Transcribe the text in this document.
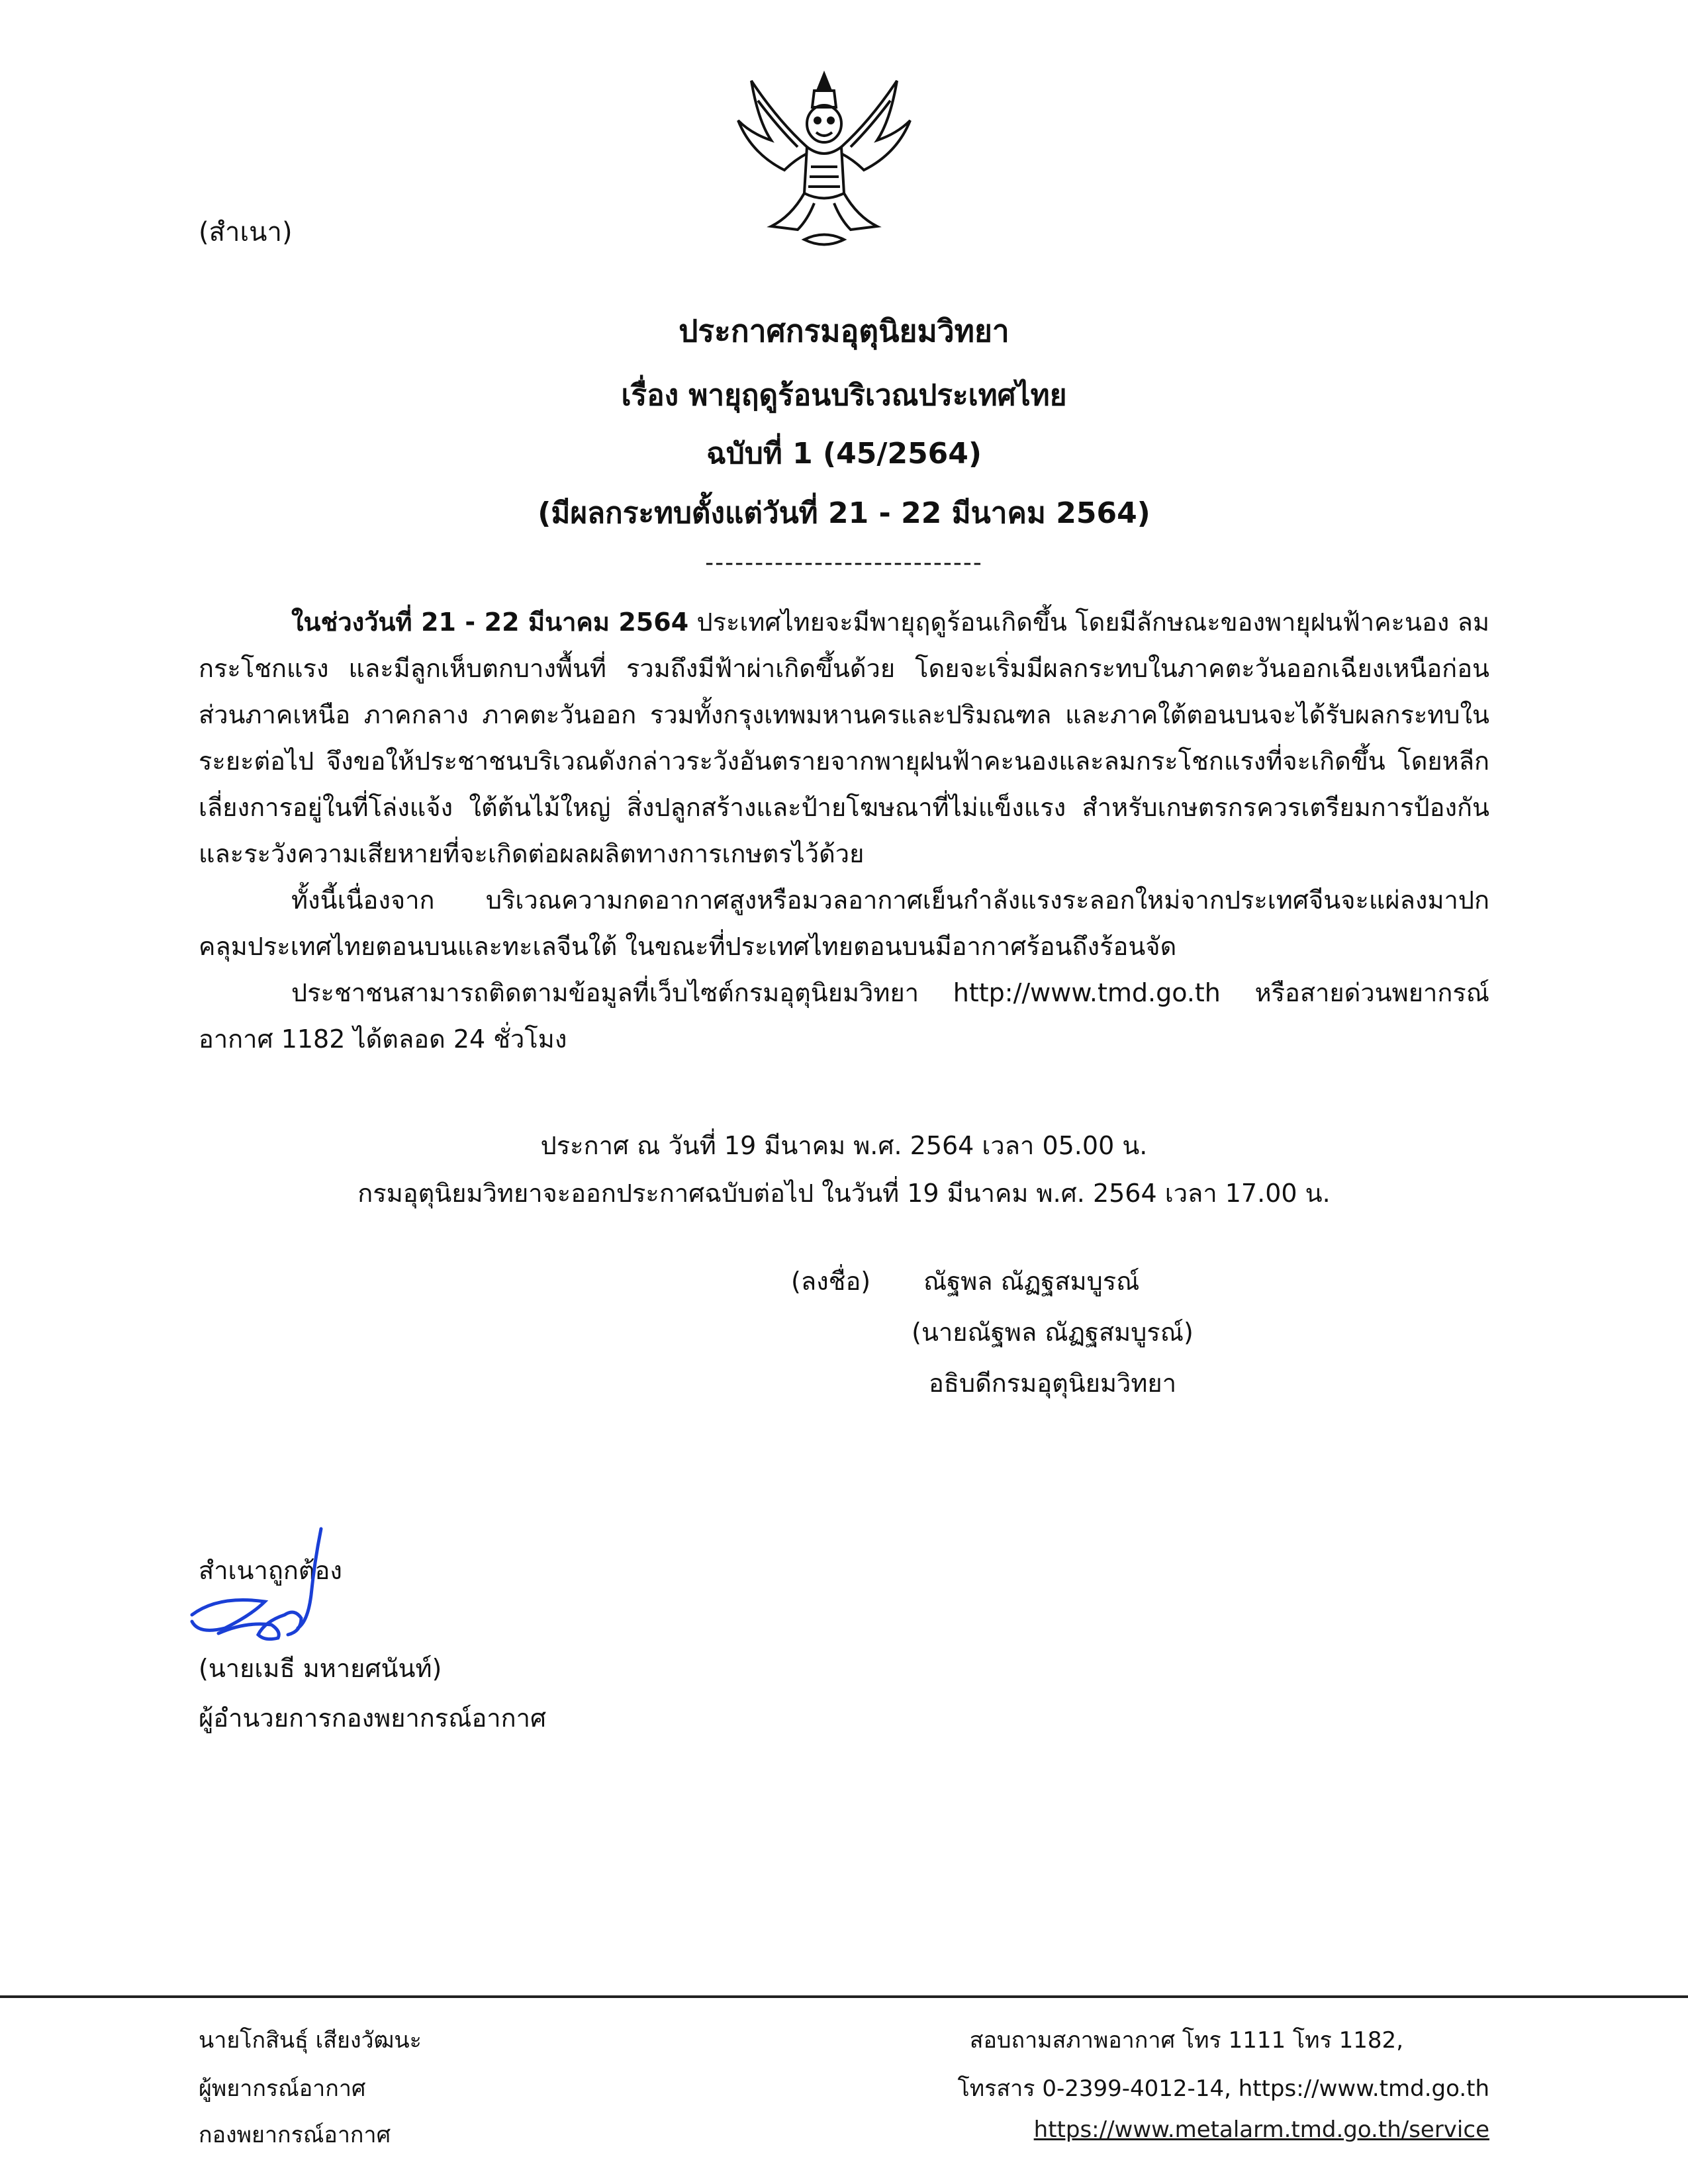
(สำเนา)
ประกาศกรมอุตุนิยมวิทยา
เรื่อง พายุฤดูร้อนบริเวณประเทศไทย
ฉบับที่ 1 (45/2564)
(มีผลกระทบตั้งแต่วันที่ 21 - 22 มีนาคม 2564)
----------------------------

ในช่วงวันที่ 21 - 22 มีนาคม 2564 ประเทศไทยจะมีพายุฤดูร้อนเกิดขึ้น โดยมีลักษณะของพายุฝนฟ้าคะนอง ลมกระโชกแรง และมีลูกเห็บตกบางพื้นที่ รวมถึงมีฟ้าผ่าเกิดขึ้นด้วย โดยจะเริ่มมีผลกระทบในภาคตะวันออกเฉียงเหนือก่อน ส่วนภาคเหนือ ภาคกลาง ภาคตะวันออก รวมทั้งกรุงเทพมหานครและปริมณฑล และภาคใต้ตอนบนจะได้รับผลกระทบในระยะต่อไป จึงขอให้ประชาชนบริเวณดังกล่าวระวังอันตรายจากพายุฝนฟ้าคะนองและลมกระโชกแรงที่จะเกิดขึ้น โดยหลีกเลี่ยงการอยู่ในที่โล่งแจ้ง ใต้ต้นไม้ใหญ่ สิ่งปลูกสร้างและป้ายโฆษณาที่ไม่แข็งแรง สำหรับเกษตรกรควรเตรียมการป้องกันและระวังความเสียหายที่จะเกิดต่อผลผลิตทางการเกษตรไว้ด้วย

ทั้งนี้เนื่องจาก บริเวณความกดอากาศสูงหรือมวลอากาศเย็นกำลังแรงระลอกใหม่จากประเทศจีนจะแผ่ลงมาปกคลุมประเทศไทยตอนบนและทะเลจีนใต้ ในขณะที่ประเทศไทยตอนบนมีอากาศร้อนถึงร้อนจัด

ประชาชนสามารถติดตามข้อมูลที่เว็บไซต์กรมอุตุนิยมวิทยา http://www.tmd.go.th หรือสายด่วนพยากรณ์อากาศ 1182 ได้ตลอด 24 ชั่วโมง

ประกาศ ณ วันที่ 19 มีนาคม พ.ศ. 2564 เวลา 05.00 น.
กรมอุตุนิยมวิทยาจะออกประกาศฉบับต่อไป ในวันที่ 19 มีนาคม พ.ศ. 2564 เวลา 17.00 น.
(ลงชื่อ) ณัฐพล ณัฏฐสมบูรณ์
(นายณัฐพล ณัฏฐสมบูรณ์)
อธิบดีกรมอุตุนิยมวิทยา
สำเนาถูกต้อง
(นายเมธี มหายศนันท์)
ผู้อำนวยการกองพยากรณ์อากาศ
นายโกสินธุ์ เสียงวัฒนะ
ผู้พยากรณ์อากาศ
กองพยากรณ์อากาศ
สอบถามสภาพอากาศ โทร 1111 โทร 1182,
โทรสาร 0-2399-4012-14, https://www.tmd.go.th
https://www.metalarm.tmd.go.th/service
